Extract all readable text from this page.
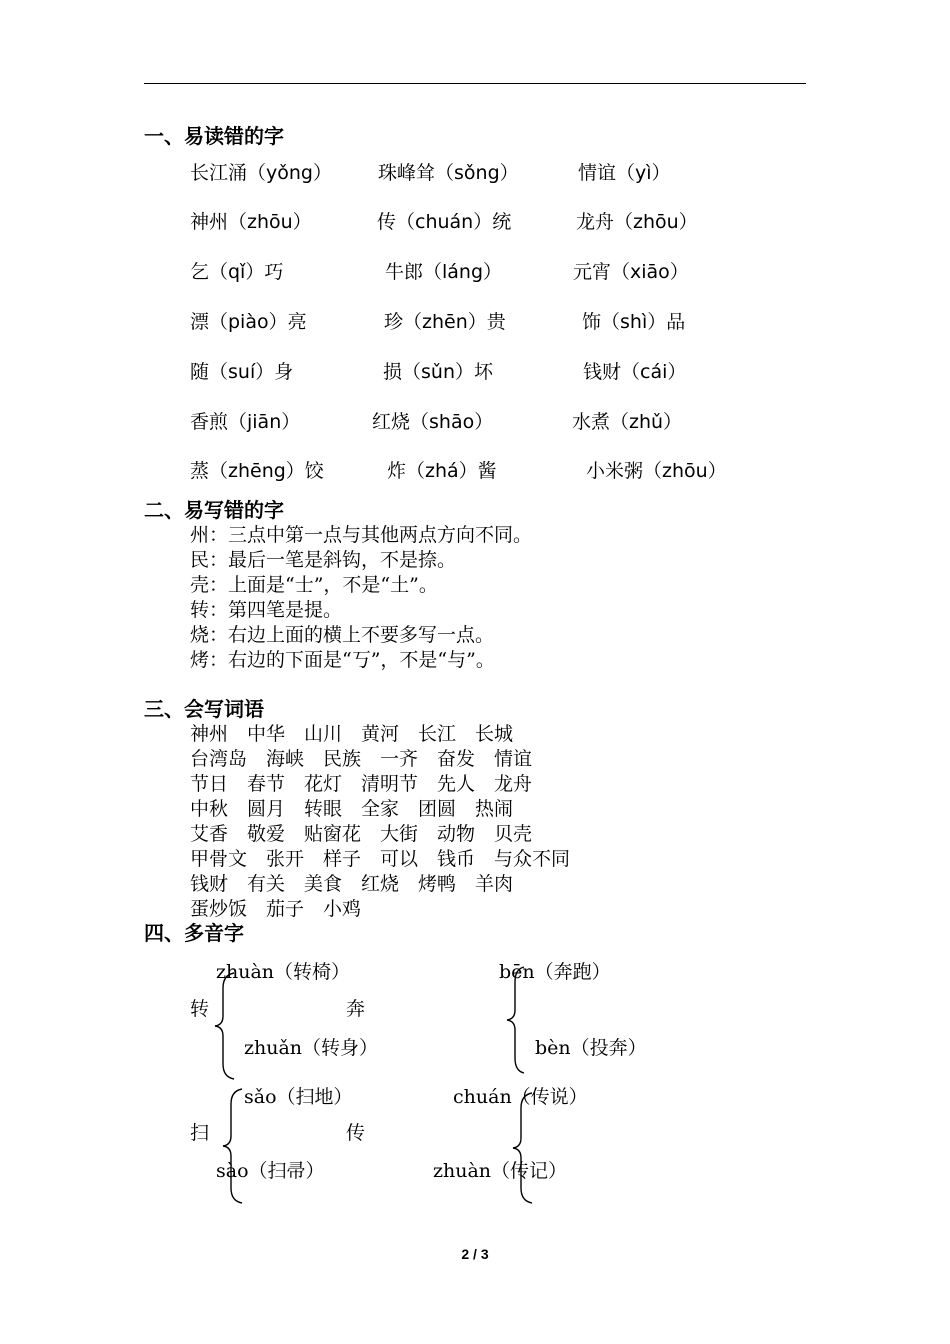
一、易读错的字
长江涌（yǒng） 珠峰耸（sǒng）	情谊（yì）
神州（zhōu）	传（chuán）统	龙舟（zhōu）
乞（qǐ）巧	牛郎（láng）	元宵（xiāo）
漂（piào）亮	珍（zhēn）贵	饰（shì）品
随（suí）身	损（sǔn）坏	钱财（cái）
香煎（jiān）	红烧（shāo）	水煮（zhǔ）
蒸（zhēng）饺	炸（zhá）酱	小米粥（zhōu）
二、易写错的字
州：三点中第一点与其他两点方向不同。
民：最后一笔是斜钩，不是捺。
壳：上面是“士”，不是“土”。
转：第四笔是提。
烧：右边上面的横上不要多写一点。
烤：右边的下面是“丂”，不是“与”。
三、会写词语
神州　中华　山川　黄河　长江　长城
台湾岛　海峡　民族　一齐　奋发　情谊
节日　春节　花灯　清明节　先人　龙舟
中秋　圆月　转眼　全家　团圆　热闹
艾香　敬爱　贴窗花　大街　动物　贝壳
甲骨文　张开　样子　可以　钱币　与众不同
钱财　有关　美食　红烧　烤鸭　羊肉
蛋炒饭　茄子　小鸡
四、多音字
zhuàn（转椅）
转
zhuǎn（转身）
bēn（奔跑）
奔
bèn（投奔）
sǎo（扫地）
扫
sào（扫帚）
chuán（传说）
传
zhuàn（传记）
2 / 3
